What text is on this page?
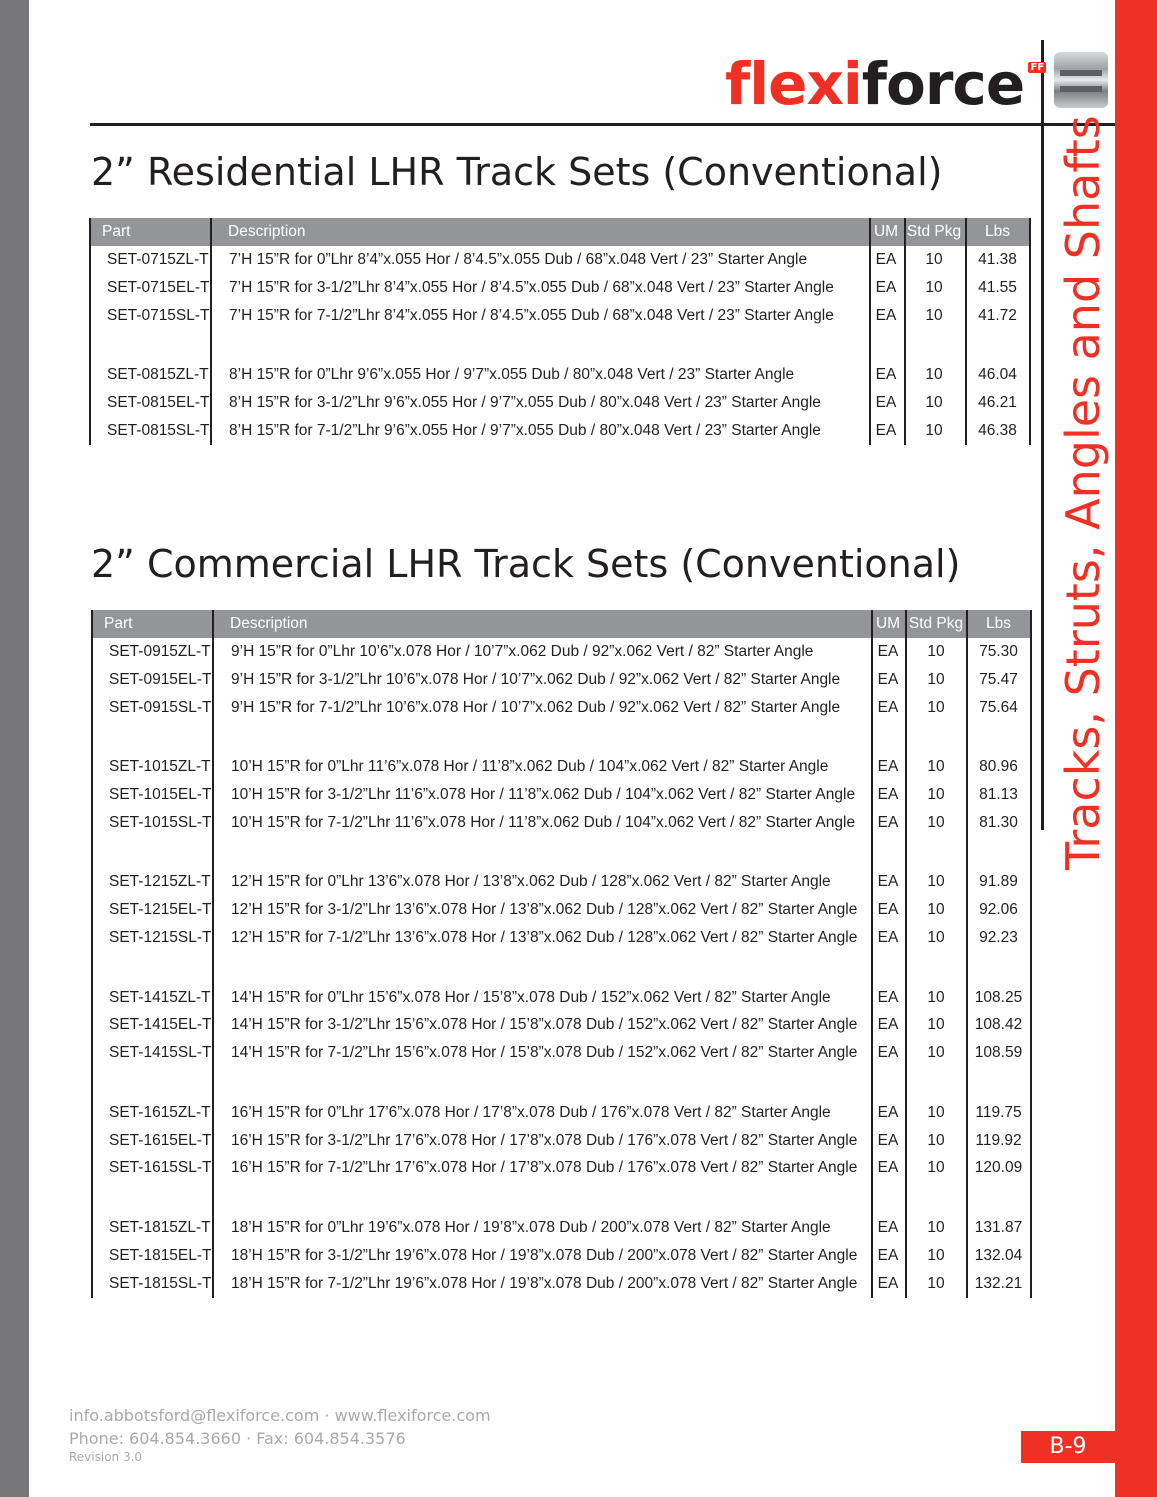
flexiforce FF
Tracks, Struts, Angles and Shafts
2” Residential LHR Track Sets (Conventional)
Part	Description	UM Std Pkg	Lbs
SET-0715ZL-T 7’H 15”R for 0”Lhr 8’4”x.055 Hor / 8’4.5”x.055 Dub / 68”x.048 Vert / 23” Starter Angle	EA	10	41.38
SET-0715EL-T 7’H 15”R for 3-1/2”Lhr 8’4”x.055 Hor / 8’4.5”x.055 Dub / 68”x.048 Vert / 23” Starter Angle	EA	10	41.55
SET-0715SL-T 7’H 15”R for 7-1/2”Lhr 8’4”x.055 Hor / 8’4.5”x.055 Dub / 68”x.048 Vert / 23” Starter Angle	EA	10	41.72
SET-0815ZL-T 8’H 15”R for 0”Lhr 9’6”x.055 Hor / 9’7”x.055 Dub / 80”x.048 Vert / 23” Starter Angle	EA	10	46.04
SET-0815EL-T 8’H 15”R for 3-1/2”Lhr 9’6”x.055 Hor / 9’7”x.055 Dub / 80”x.048 Vert / 23” Starter Angle	EA	10	46.21
SET-0815SL-T 8’H 15”R for 7-1/2”Lhr 9’6”x.055 Hor / 9’7”x.055 Dub / 80”x.048 Vert / 23” Starter Angle	EA	10	46.38
2” Commercial LHR Track Sets (Conventional)
Part	Description	UM Std Pkg	Lbs
SET-0915ZL-T 9’H 15”R for 0”Lhr 10’6”x.078 Hor / 10’7”x.062 Dub / 92”x.062 Vert / 82” Starter Angle	EA	10	75.30
SET-0915EL-T 9’H 15”R for 3-1/2”Lhr 10’6”x.078 Hor / 10’7”x.062 Dub / 92”x.062 Vert / 82” Starter Angle	EA	10	75.47
SET-0915SL-T 9’H 15”R for 7-1/2”Lhr 10’6”x.078 Hor / 10’7”x.062 Dub / 92”x.062 Vert / 82” Starter Angle	EA	10	75.64
SET-1015ZL-T 10’H 15”R for 0”Lhr 11’6”x.078 Hor / 11’8”x.062 Dub / 104”x.062 Vert / 82” Starter Angle	EA	10	80.96
SET-1015EL-T 10’H 15”R for 3-1/2”Lhr 11’6”x.078 Hor / 11’8”x.062 Dub / 104”x.062 Vert / 82” Starter Angle	EA	10	81.13
SET-1015SL-T 10’H 15”R for 7-1/2”Lhr 11’6”x.078 Hor / 11’8”x.062 Dub / 104”x.062 Vert / 82” Starter Angle	EA	10	81.30
SET-1215ZL-T 12’H 15”R for 0”Lhr 13’6”x.078 Hor / 13’8”x.062 Dub / 128”x.062 Vert / 82” Starter Angle	EA	10	91.89
SET-1215EL-T 12’H 15”R for 3-1/2”Lhr 13’6”x.078 Hor / 13’8”x.062 Dub / 128”x.062 Vert / 82” Starter Angle	EA	10	92.06
SET-1215SL-T 12’H 15”R for 7-1/2”Lhr 13’6”x.078 Hor / 13’8”x.062 Dub / 128”x.062 Vert / 82” Starter Angle	EA	10	92.23
SET-1415ZL-T 14’H 15”R for 0”Lhr 15’6”x.078 Hor / 15’8”x.078 Dub / 152”x.062 Vert / 82” Starter Angle	EA	10	108.25
SET-1415EL-T 14’H 15”R for 3-1/2”Lhr 15’6”x.078 Hor / 15’8”x.078 Dub / 152”x.062 Vert / 82” Starter Angle	EA	10	108.42
SET-1415SL-T 14’H 15”R for 7-1/2”Lhr 15’6”x.078 Hor / 15’8”x.078 Dub / 152”x.062 Vert / 82” Starter Angle	EA	10	108.59
SET-1615ZL-T 16’H 15”R for 0”Lhr 17’6”x.078 Hor / 17’8”x.078 Dub / 176”x.078 Vert / 82” Starter Angle	EA	10	119.75
SET-1615EL-T 16’H 15”R for 3-1/2”Lhr 17’6”x.078 Hor / 17’8”x.078 Dub / 176”x.078 Vert / 82” Starter Angle	EA	10	119.92
SET-1615SL-T 16’H 15”R for 7-1/2”Lhr 17’6”x.078 Hor / 17’8”x.078 Dub / 176”x.078 Vert / 82” Starter Angle	EA	10	120.09
SET-1815ZL-T 18’H 15”R for 0”Lhr 19’6”x.078 Hor / 19’8”x.078 Dub / 200”x.078 Vert / 82” Starter Angle	EA	10	131.87
SET-1815EL-T 18’H 15”R for 3-1/2”Lhr 19’6”x.078 Hor / 19’8”x.078 Dub / 200”x.078 Vert / 82” Starter Angle	EA	10	132.04
SET-1815SL-T 18’H 15”R for 7-1/2”Lhr 19’6”x.078 Hor / 19’8”x.078 Dub / 200”x.078 Vert / 82” Starter Angle	EA	10	132.21
info.abbotsford@flexiforce.com · www.flexiforce.com
Phone: 604.854.3660 · Fax: 604.854.3576
Revision 3.0	B-9
